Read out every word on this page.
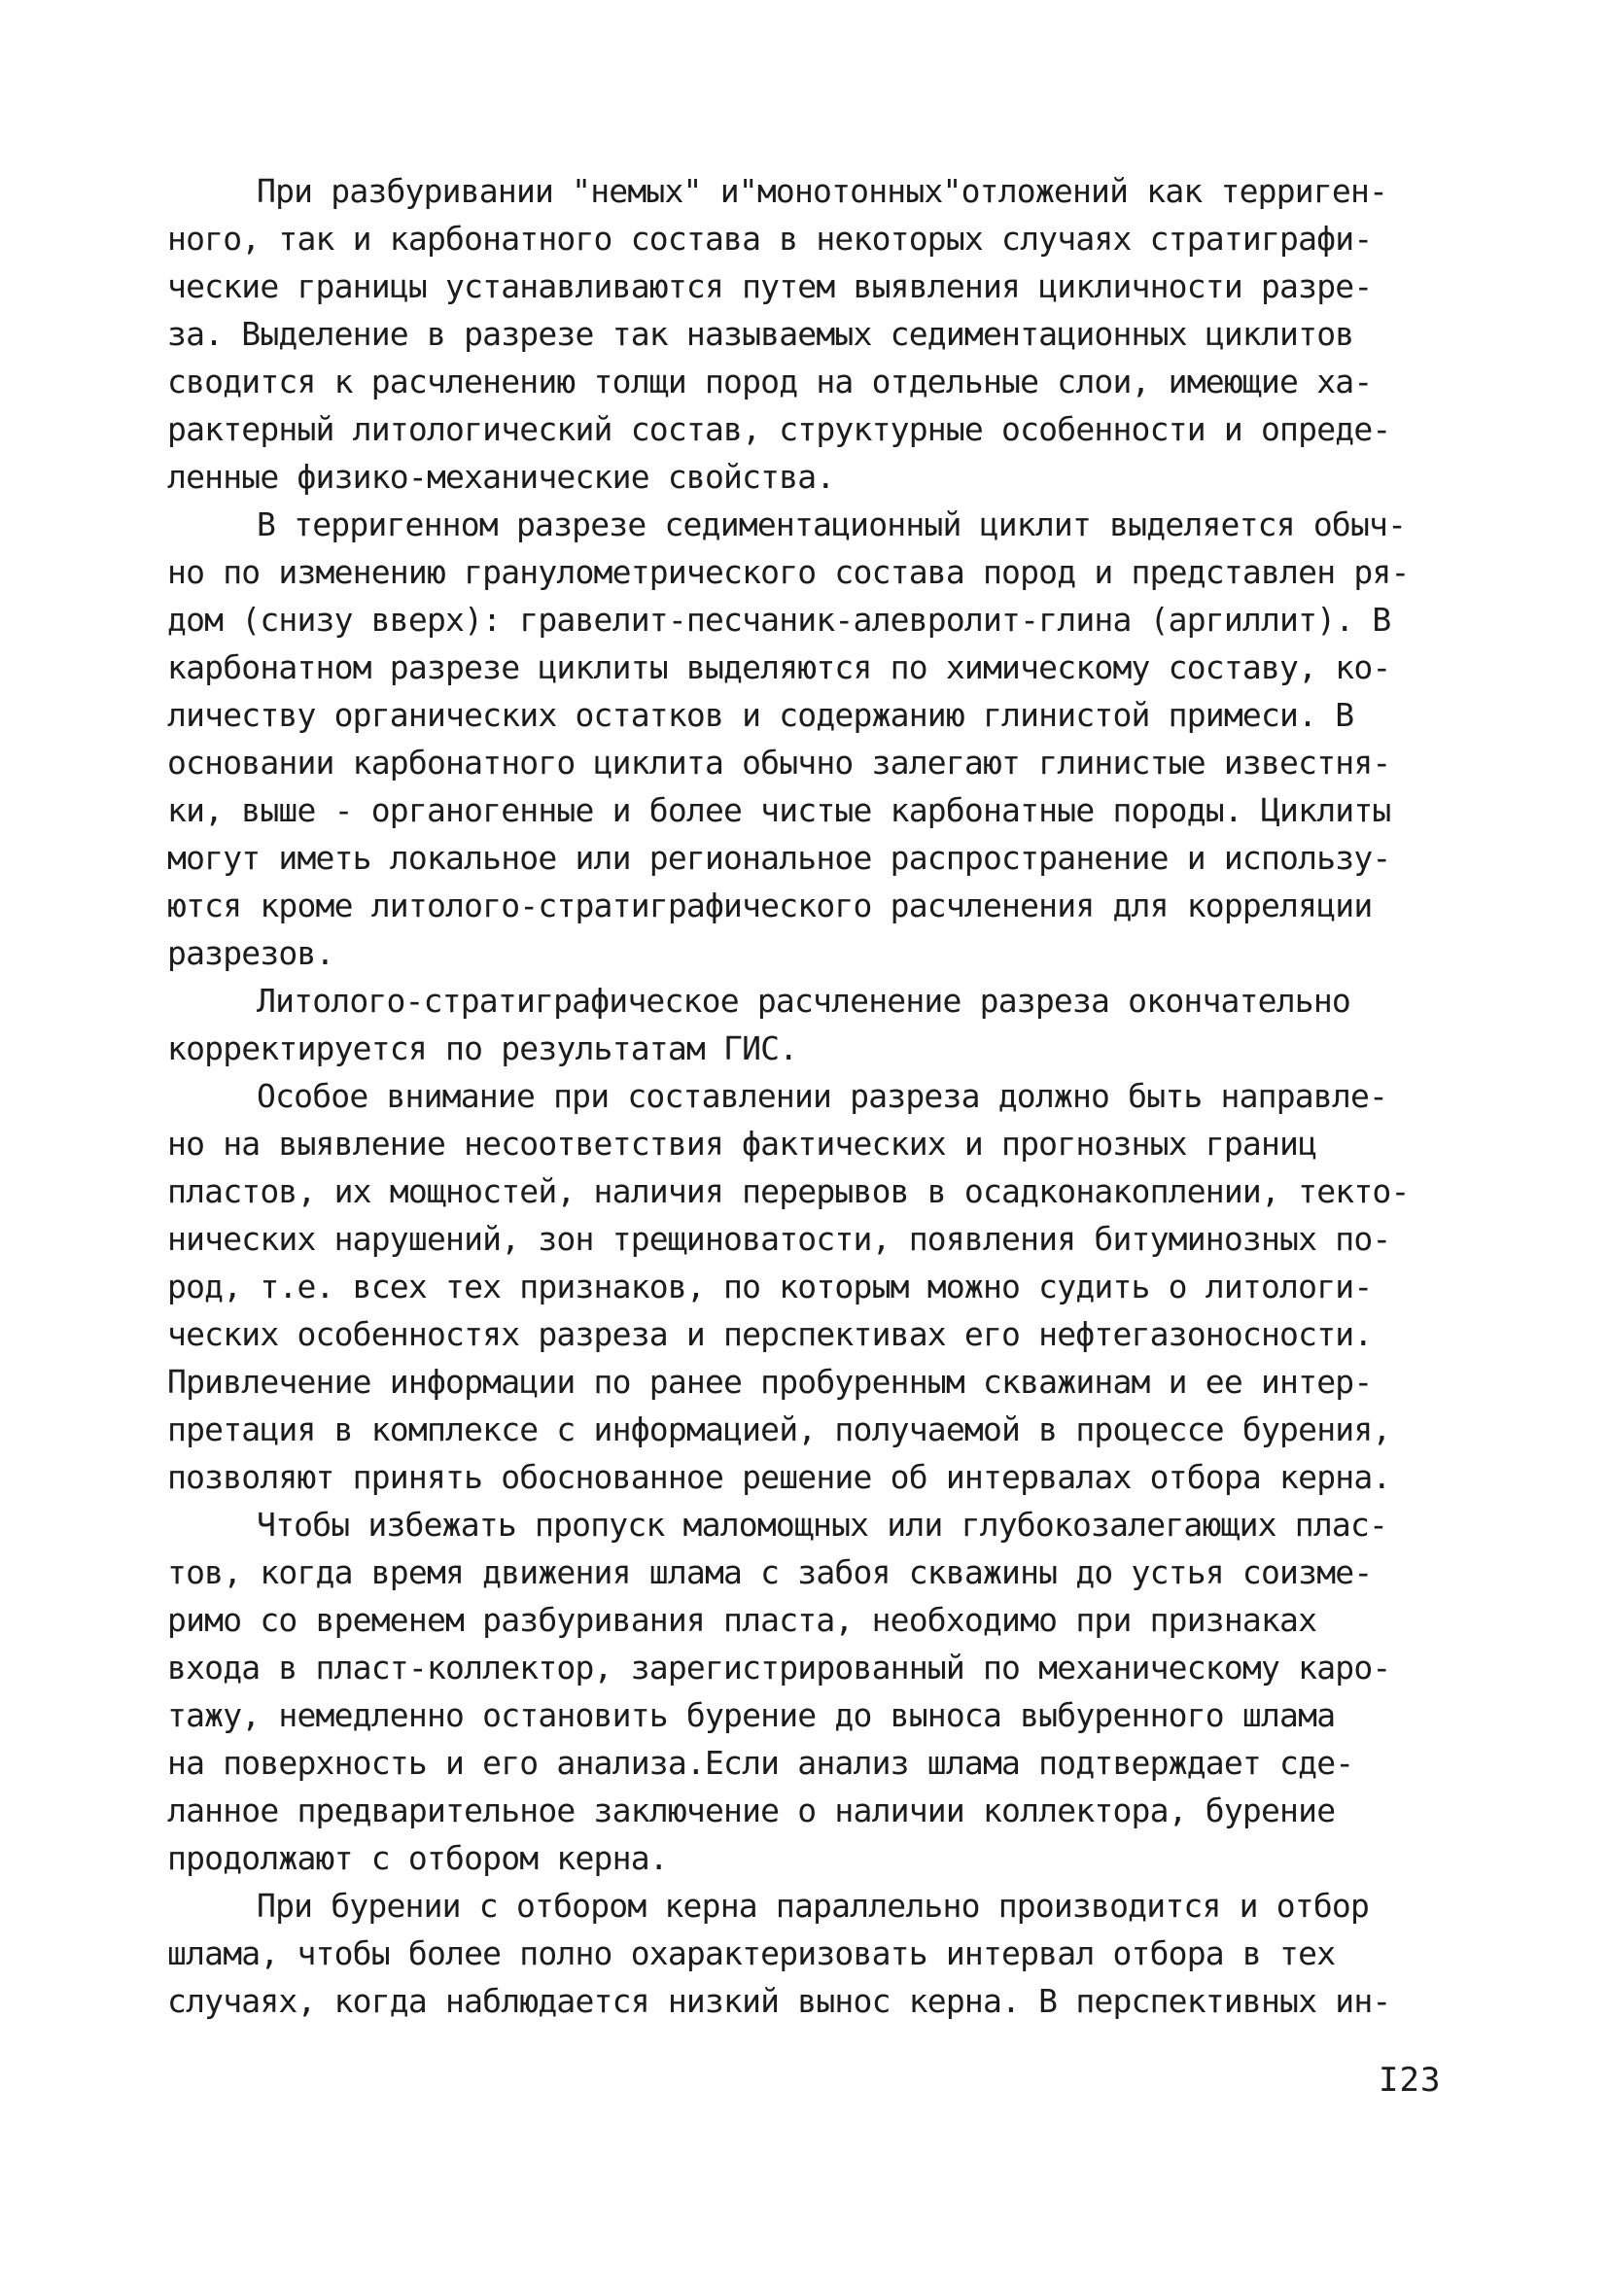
При разбуривании "немых" и"монотонных"отложений как терриген-
ного, так и карбонатного состава в некоторых случаях стратиграфи-
ческие границы устанавливаются путем выявления цикличности разре-
за. Выделение в разрезе так называемых седиментационных циклитов
сводится к расчленению толщи пород на отдельные слои, имеющие ха-
рактерный литологический состав, структурные особенности и опреде-
ленные физико-механические свойства.
В терригенном разрезе седиментационный циклит выделяется обыч-
но по изменению гранулометрического состава пород и представлен ря-
дом (снизу вверх): гравелит-песчаник-алевролит-глина (аргиллит). В
карбонатном разрезе циклиты выделяются по химическому составу, ко-
личеству органических остатков и содержанию глинистой примеси. В
основании карбонатного циклита обычно залегают глинистые известня-
ки, выше - органогенные и более чистые карбонатные породы. Циклиты
могут иметь локальное или региональное распространение и использу-
ются кроме литолого-стратиграфического расчленения для корреляции
разрезов.
Литолого-стратиграфическое расчленение разреза окончательно
корректируется по результатам ГИС.
Особое внимание при составлении разреза должно быть направле-
но на выявление несоответствия фактических и прогнозных границ
пластов, их мощностей, наличия перерывов в осадконакоплении, текто-
нических нарушений, зон трещиноватости, появления битуминозных по-
род, т.е. всех тех признаков, по которым можно судить о литологи-
ческих особенностях разреза и перспективах его нефтегазоносности.
Привлечение информации по ранее пробуренным скважинам и ее интер-
претация в комплексе с информацией, получаемой в процессе бурения,
позволяют принять обоснованное решение об интервалах отбора керна.
Чтобы избежать пропуск маломощных или глубокозалегающих плас-
тов, когда время движения шлама с забоя скважины до устья соизме-
римо со временем разбуривания пласта, необходимо при признаках
входа в пласт-коллектор, зарегистрированный по механическому каро-
тажу, немедленно остановить бурение до выноса выбуренного шлама
на поверхность и его анализа.Если анализ шлама подтверждает сде-
ланное предварительное заключение о наличии коллектора, бурение
продолжают с отбором керна.
При бурении с отбором керна параллельно производится и отбор
шлама, чтобы более полно охарактеризовать интервал отбора в тех
случаях, когда наблюдается низкий вынос керна. В перспективных ин-
I23
